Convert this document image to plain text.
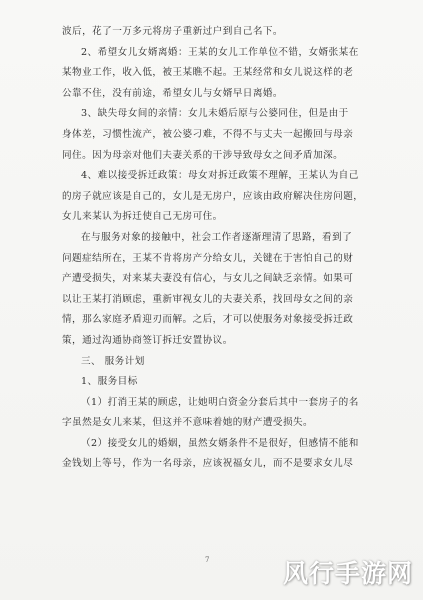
波后，花了一万多元将房子重新过户到自己名下。
2、希望女儿女婿离婚：王某的女儿工作单位不错，女婿张某在
某物业工作，收入低，被王某瞧不起。王某经常和女儿说这样的老
公靠不住，没有前途，希望女儿与女婿早日离婚。
3、缺失母女间的亲情：女儿未婚后原与公婆同住，但是由于
身体差，习惯性流产，被公婆刁难，不得不与丈夫一起搬回与母亲
同住。因为母亲对他们夫妻关系的干涉导致母女之间矛盾加深。
4、难以接受拆迁政策：母女对拆迁政策不理解，王某认为自己
的房子就应该是自己的，女儿是无房户，应该由政府解决住房问题，
女儿来某认为拆迁使自己无房可住。
在与服务对象的接触中，社会工作者逐渐理清了思路，看到了
问题症结所在，王某不肯将房产分给女儿，关键在于害怕自己的财
产遭受损失，对来某夫妻没有信心，与女儿之间缺乏亲情。如果可
以让王某打消顾虑，重新审视女儿的夫妻关系，找回母女之间的亲
情，那么家庭矛盾迎刃而解。之后，才可以使服务对象接受拆迁政
策，通过沟通协商签订拆迁安置协议。
三、 服务计划
1、服务目标
（1）打消王某的顾虑，让她明白资金分套后其中一套房子的名
字虽然是女儿来某，但这并不意味着她的财产遭受损失。
（2）接受女儿的婚姻，虽然女婿条件不是很好，但感情不能和
金钱划上等号，作为一名母亲，应该祝福女儿，而不是要求女儿尽
7	风行手游网
